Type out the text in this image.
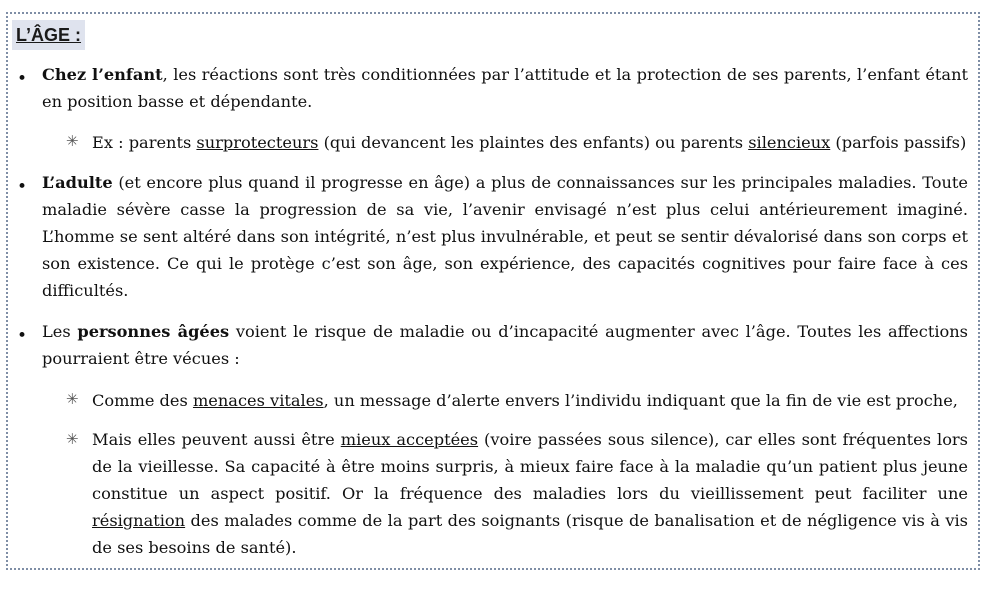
L’ÂGE :
• Chez l’enfant, les réactions sont très conditionnées par l’attitude et la protection de ses parents, l’enfant étant en position basse et dépendante.
✳ Ex : parents surprotecteurs (qui devancent les plaintes des enfants) ou parents silencieux (parfois passifs)
• L’adulte (et encore plus quand il progresse en âge) a plus de connaissances sur les principales maladies. Toute maladie sévère casse la progression de sa vie, l’avenir envisagé n’est plus celui antérieurement imaginé. L’homme se sent altéré dans son intégrité, n’est plus invulnérable, et peut se sentir dévalorisé dans son corps et son existence. Ce qui le protège c’est son âge, son expérience, des capacités cognitives pour faire face à ces difficultés.
• Les personnes âgées voient le risque de maladie ou d’incapacité augmenter avec l’âge. Toutes les affections pourraient être vécues :
✳ Comme des menaces vitales, un message d’alerte envers l’individu indiquant que la fin de vie est proche,
✳ Mais elles peuvent aussi être mieux acceptées (voire passées sous silence), car elles sont fréquentes lors de la vieillesse. Sa capacité à être moins surpris, à mieux faire face à la maladie qu’un patient plus jeune constitue un aspect positif. Or la fréquence des maladies lors du vieillissement peut faciliter une résignation des malades comme de la part des soignants (risque de banalisation et de négligence vis à vis de ses besoins de santé).
